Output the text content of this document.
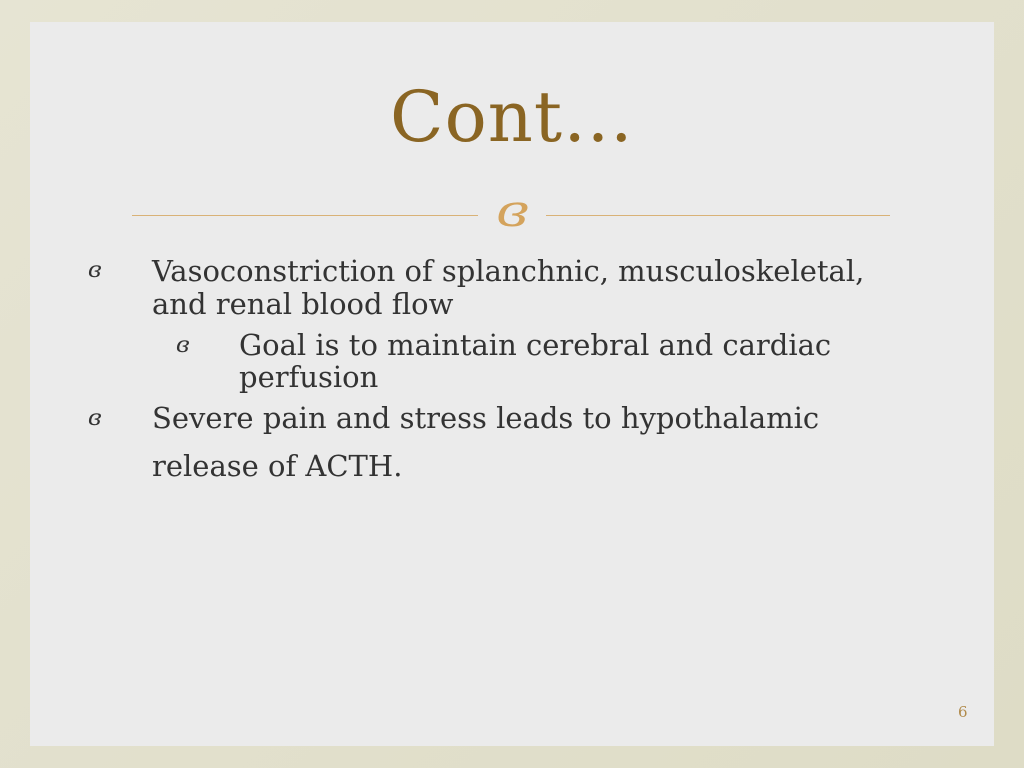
Cont…
ɞ
ɞ Vasoconstriction of splanchnic, musculoskeletal,
and renal blood flow
ɞ Goal is to maintain cerebral and cardiac
perfusion
ɞ Severe pain and stress leads to hypothalamic
release of ACTH.
6
